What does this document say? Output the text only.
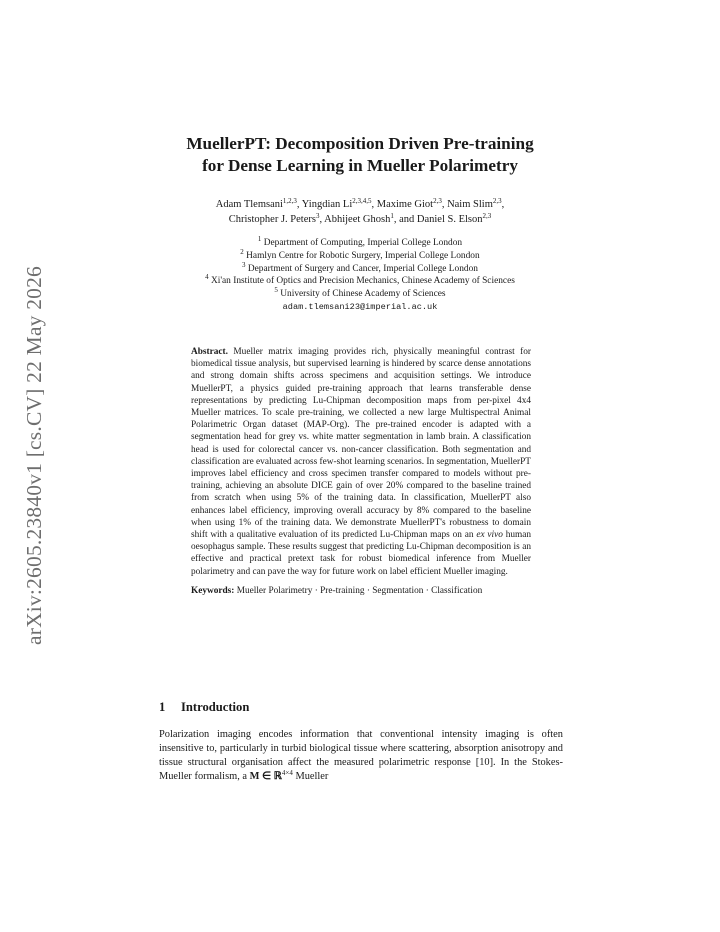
arXiv:2605.23840v1 [cs.CV] 22 May 2026
MuellerPT: Decomposition Driven Pre-training
for Dense Learning in Mueller Polarimetry
Adam Tlemsani$^{1,2,3}$, Yingdian Li$^{2,3,4,5}$, Maxime Giot$^{2,3}$, Naim Slim$^{2,3}$,
Christopher J. Peters$^3$, Abhijeet Ghosh$^1$, and Daniel S. Elson$^{2,3}$
$^1$ Department of Computing, Imperial College London
$^2$ Hamlyn Centre for Robotic Surgery, Imperial College London
$^3$ Department of Surgery and Cancer, Imperial College London
$^4$ Xi'an Institute of Optics and Precision Mechanics, Chinese Academy of Sciences
$^5$ University of Chinese Academy of Sciences
adam.tlemsani23@imperial.ac.uk

Abstract. Mueller matrix imaging provides rich, physically meaningful contrast for biomedical tissue analysis, but supervised learning is hindered by scarce dense annotations and strong domain shifts across specimens and acquisition settings. We introduce MuellerPT, a physics guided pre-training approach that learns transferable dense representations by predicting Lu-Chipman decomposition maps from per-pixel 4x4 Mueller matrices. To scale pre-training, we collected a new large Multispectral Animal Polarimetric Organ dataset (MAP-Org). The pre-trained encoder is adapted with a segmentation head for grey vs. white matter segmentation in lamb brain. A classification head is used for colorectal cancer vs. non-cancer classification. Both segmentation and classification are evaluated across few-shot learning scenarios. In segmentation, MuellerPT improves label efficiency and cross specimen transfer compared to models without pre-training, achieving an absolute DICE gain of over 20% compared to the baseline trained from scratch when using 5% of the training data. In classification, MuellerPT also enhances label efficiency, improving overall accuracy by 8% compared to the baseline when using 1% of the training data. We demonstrate MuellerPT's robustness to domain shift with a qualitative evaluation of its predicted Lu-Chipman maps on an ex vivo human oesophagus sample. These results suggest that predicting Lu-Chipman decomposition is an effective and practical pretext task for robust biomedical inference from Mueller polarimetry and can pave the way for future work on label efficient Mueller imaging.

Keywords: Mueller Polarimetry · Pre-training · Segmentation · Classification

1 Introduction

Polarization imaging encodes information that conventional intensity imaging is often insensitive to, particularly in turbid biological tissue where scattering, absorption anisotropy and tissue structural organisation affect the measured polarimetric response [10]. In the Stokes-Mueller formalism, a M ∈ ℝ$^{4\times 4}$ Mueller
